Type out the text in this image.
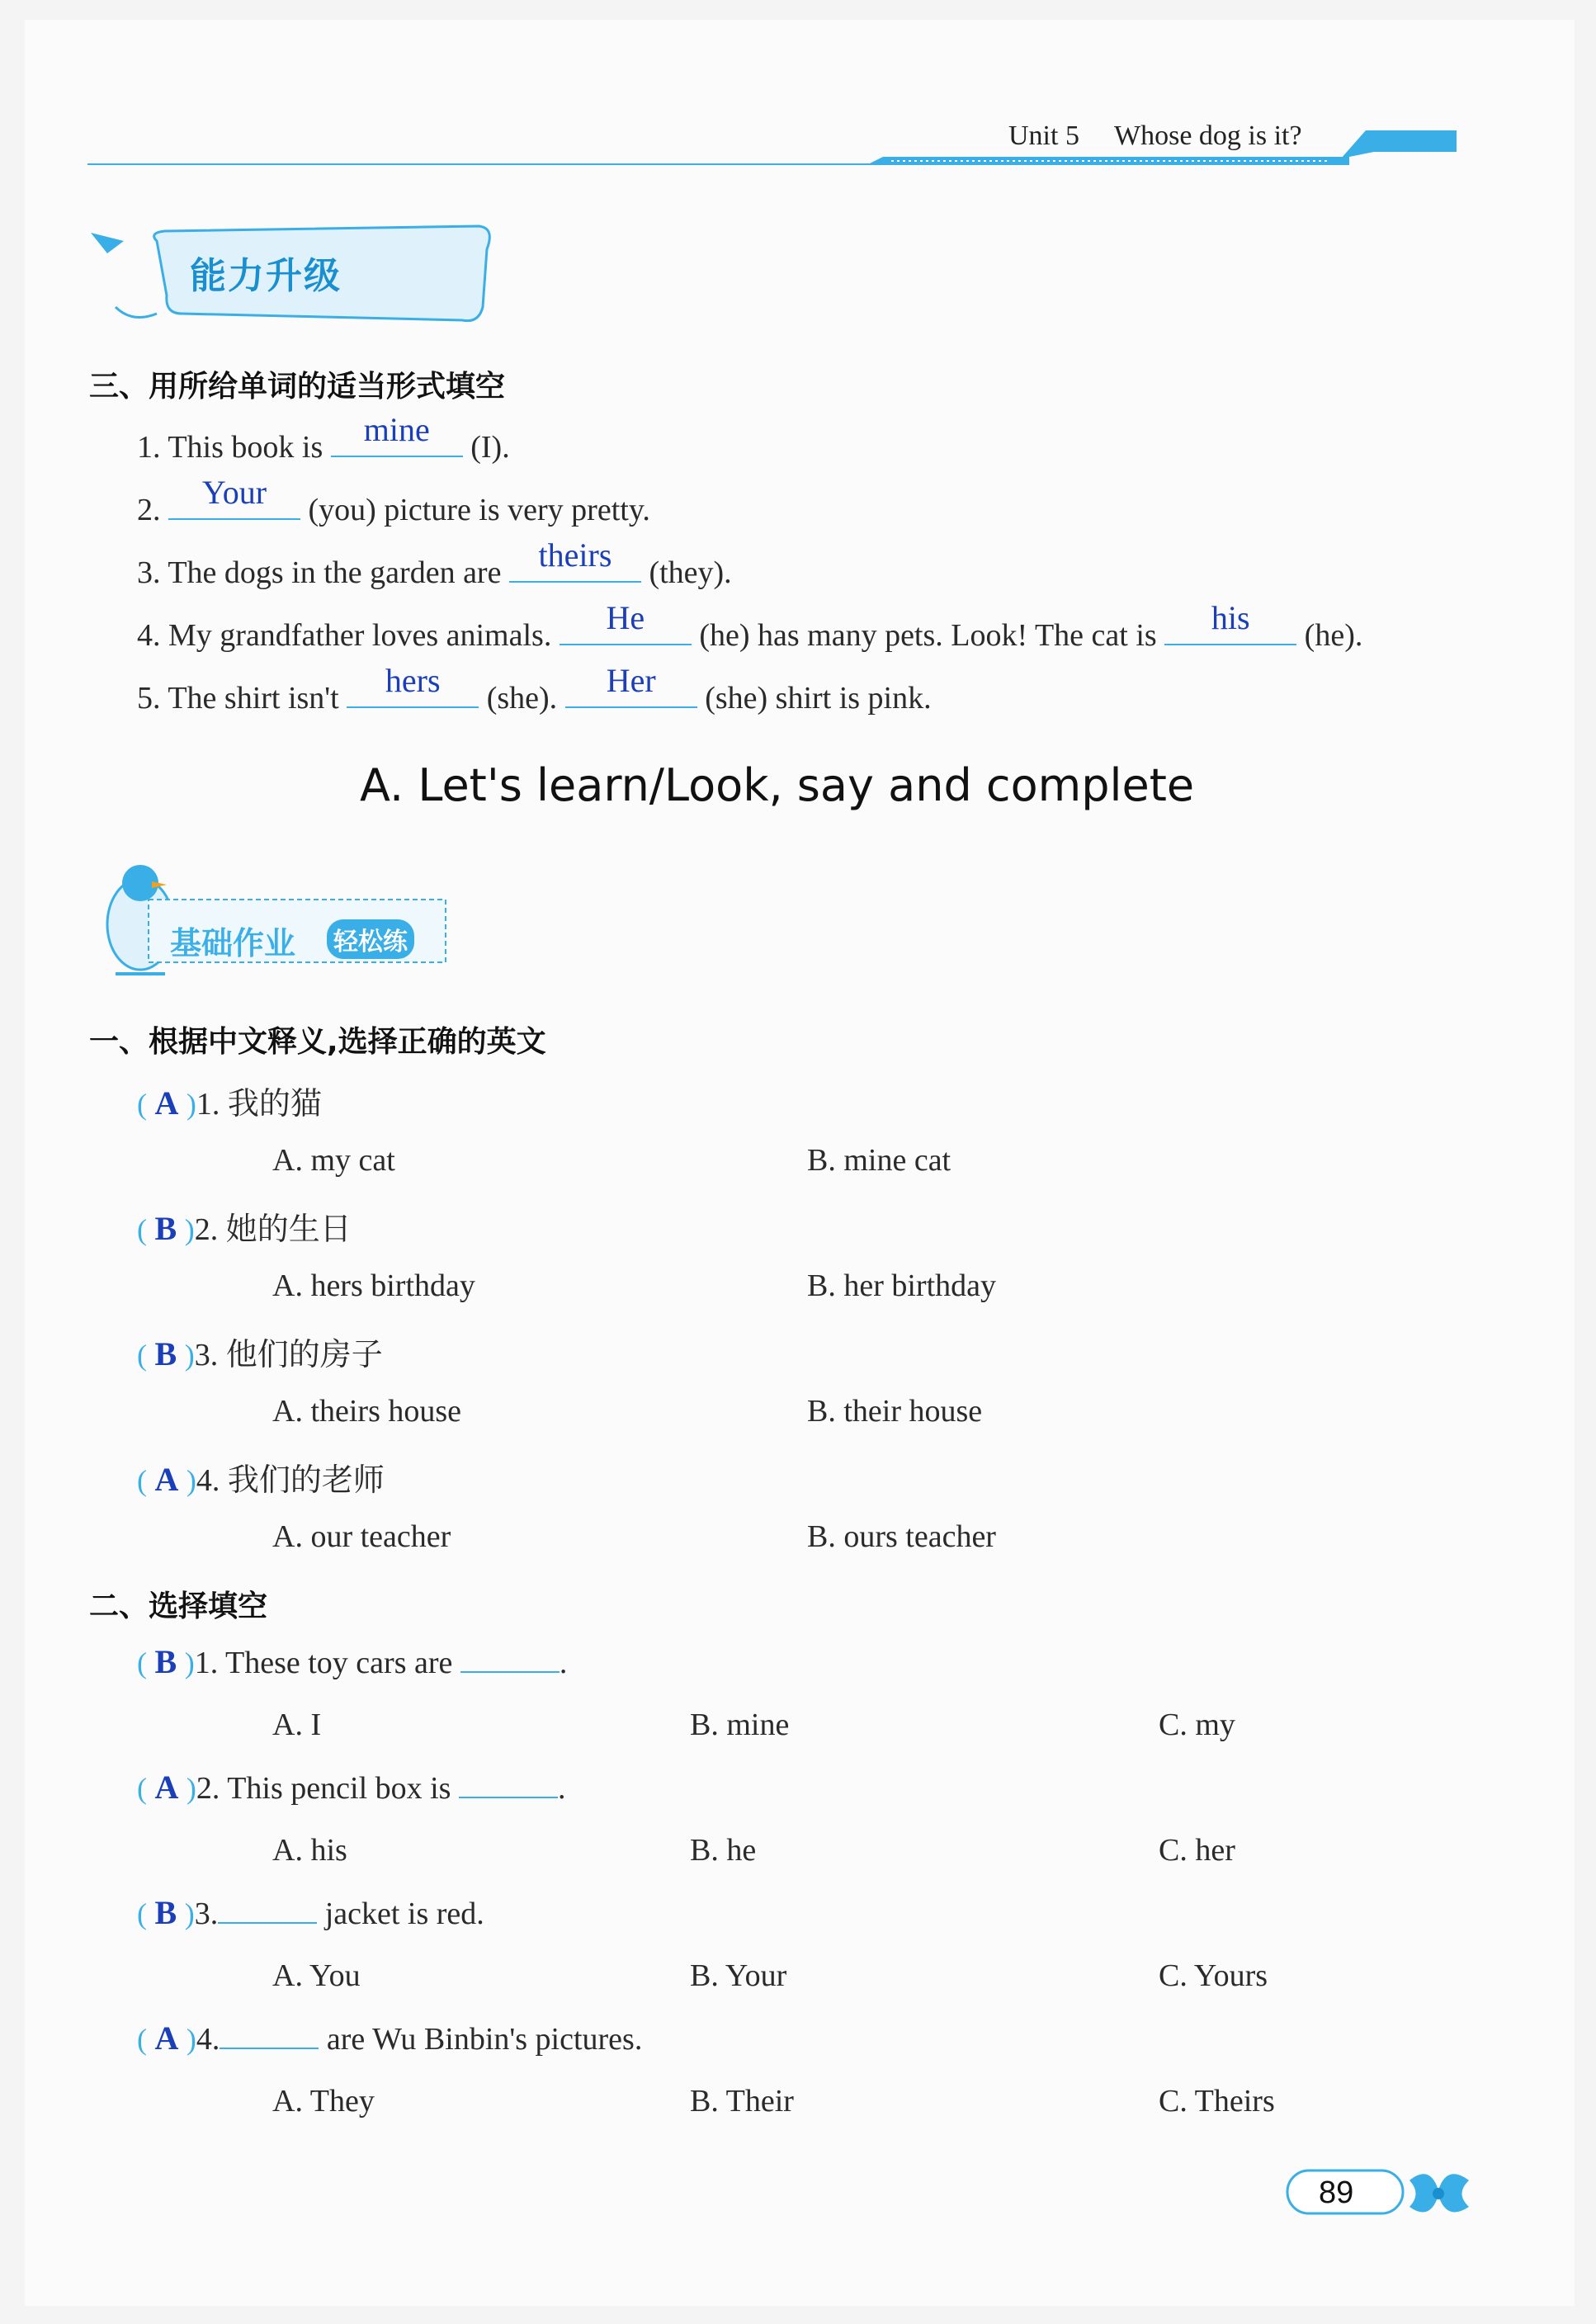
Unit 5 Whose dog is it?
能力升级
三、用所给单词的适当形式填空
1. This book is	mine	(I).
2.	Your	(you) picture is very pretty.
3. The dogs in the garden are	theirs	(they).
4. My grandfather loves animals.	He	(he) has many pets. Look! The cat is	his	(he).
5. The shirt isn't	hers	(she).	Her	(she) shirt is pink.
A. Let's learn/Look, say and complete
基础作业 轻松练
一、根据中文释义,选择正确的英文
( A )1. 我的猫
A. my cat	B. mine cat
( B )2. 她的生日
A. hers birthday	B. her birthday
( B )3. 他们的房子
A. theirs house	B. their house
( A )4. 我们的老师
A. our teacher	B. ours teacher
二、选择填空
( B )1. These toy cars are	.
A. I	B. mine	C. my
( A )2. This pencil box is	.
A. his	B. he	C. her
( B )3.	jacket is red.
A. You	B. Your	C. Yours
( A )4.	are Wu Binbin's pictures.
A. They	B. Their	C. Theirs
89
